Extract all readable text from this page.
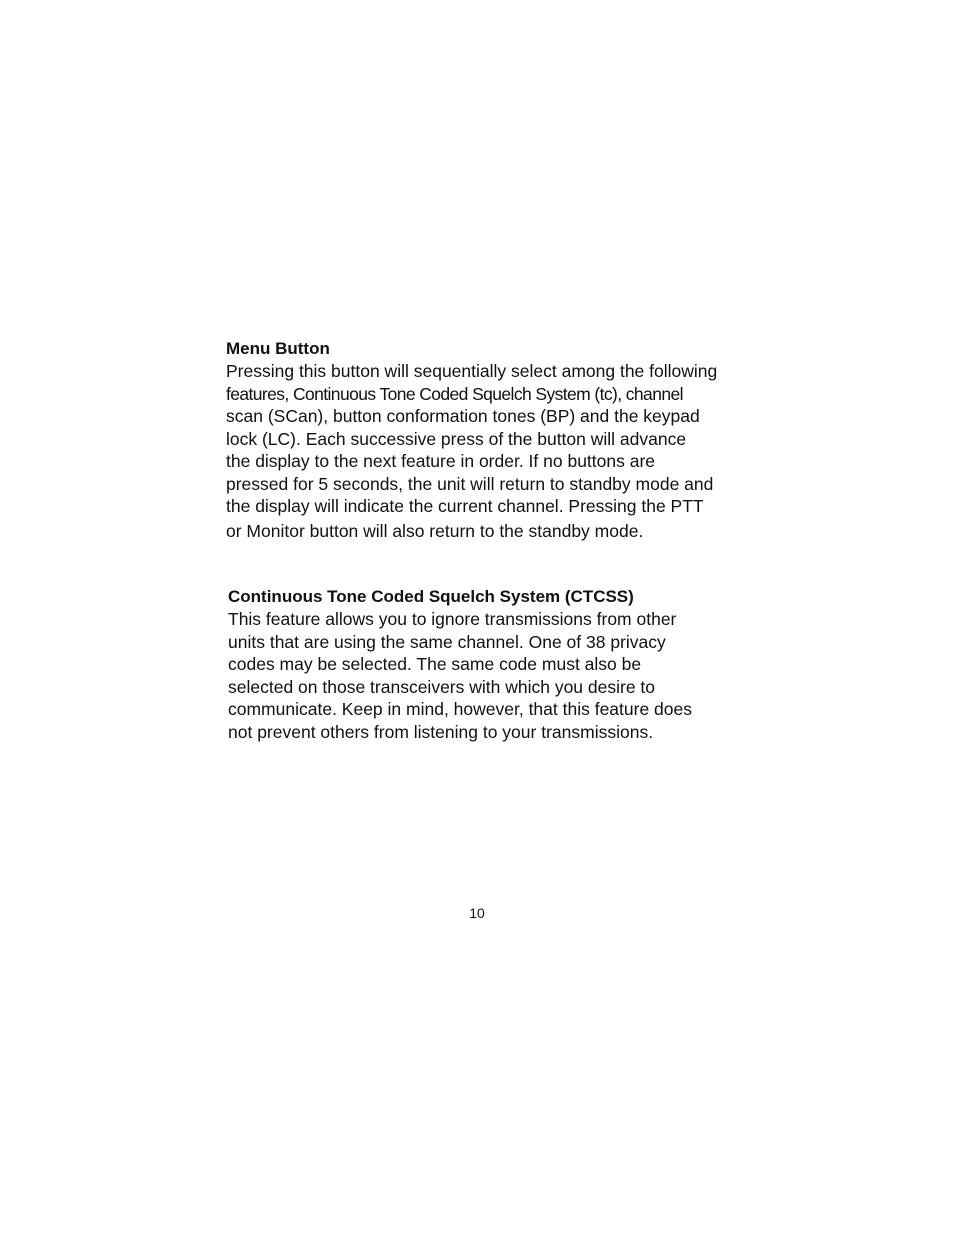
Menu Button

Pressing this button will sequentially select among the following

features, Continuous Tone Coded Squelch System (tc), channel

scan (SCan), button conformation tones (BP) and the keypad

lock (LC). Each successive press of the button will advance

the display to the next feature in order. If no buttons are

pressed for 5 seconds, the unit will return to standby mode and

the display will indicate the current channel. Pressing the PTT

or Monitor button will also return to the standby mode.

Continuous Tone Coded Squelch System (CTCSS)

This feature allows you to ignore transmissions from other

units that are using the same channel. One of 38 privacy

codes may be selected. The same code must also be

selected on those transceivers with which you desire to

communicate. Keep in mind, however, that this feature does

not prevent others from listening to your transmissions.

10
